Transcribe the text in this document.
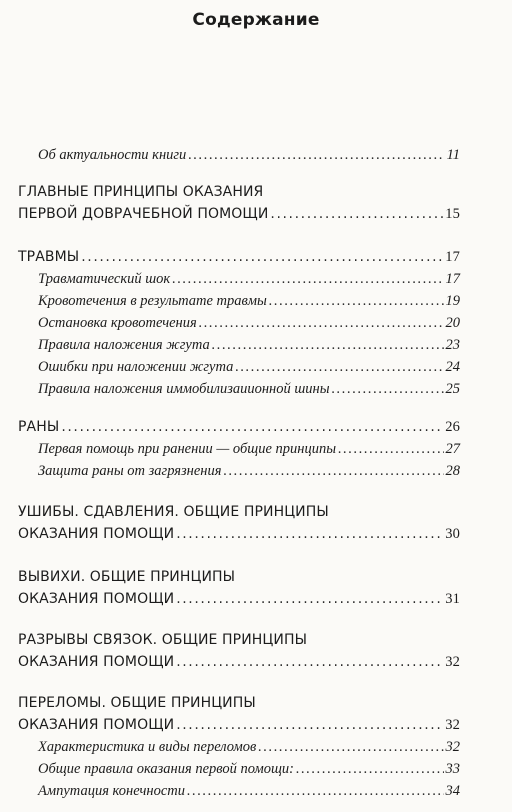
Содержание
Об актуальности книги .....	11
ГЛАВНЫЕ ПРИНЦИПЫ ОКАЗАНИЯ
ПЕРВОЙ ДОВРАЧЕБНОЙ ПОМОЩИ .....	15
ТРАВМЫ .....	17
Травматический шок .....	17
Кровотечения в результате травмы .....	19
Остановка кровотечения .....	20
Правила наложения жгута .....	23
Ошибки при наложении жгута .....	24
Правила наложения иммобилизаиионной шины .....	25
РАНЫ .....	26
Первая помощь при ранении — общие принципы .....	27
Защита раны от загрязнения .....	28
УШИБЫ. СДАВЛЕНИЯ. ОБЩИЕ ПРИНЦИПЫ
ОКАЗАНИЯ ПОМОЩИ .....	30
ВЫВИХИ. ОБЩИЕ ПРИНЦИПЫ
ОКАЗАНИЯ ПОМОЩИ .....	31
РАЗРЫВЫ СВЯЗОК. ОБЩИЕ ПРИНЦИПЫ
ОКАЗАНИЯ ПОМОЩИ .....	32
ПЕРЕЛОМЫ. ОБЩИЕ ПРИНЦИПЫ
ОКАЗАНИЯ ПОМОЩИ .....	32
Характеристика и виды переломов .....	32
Общие правила оказания первой помощи: .....	33
Ампутация конечности .....	34
